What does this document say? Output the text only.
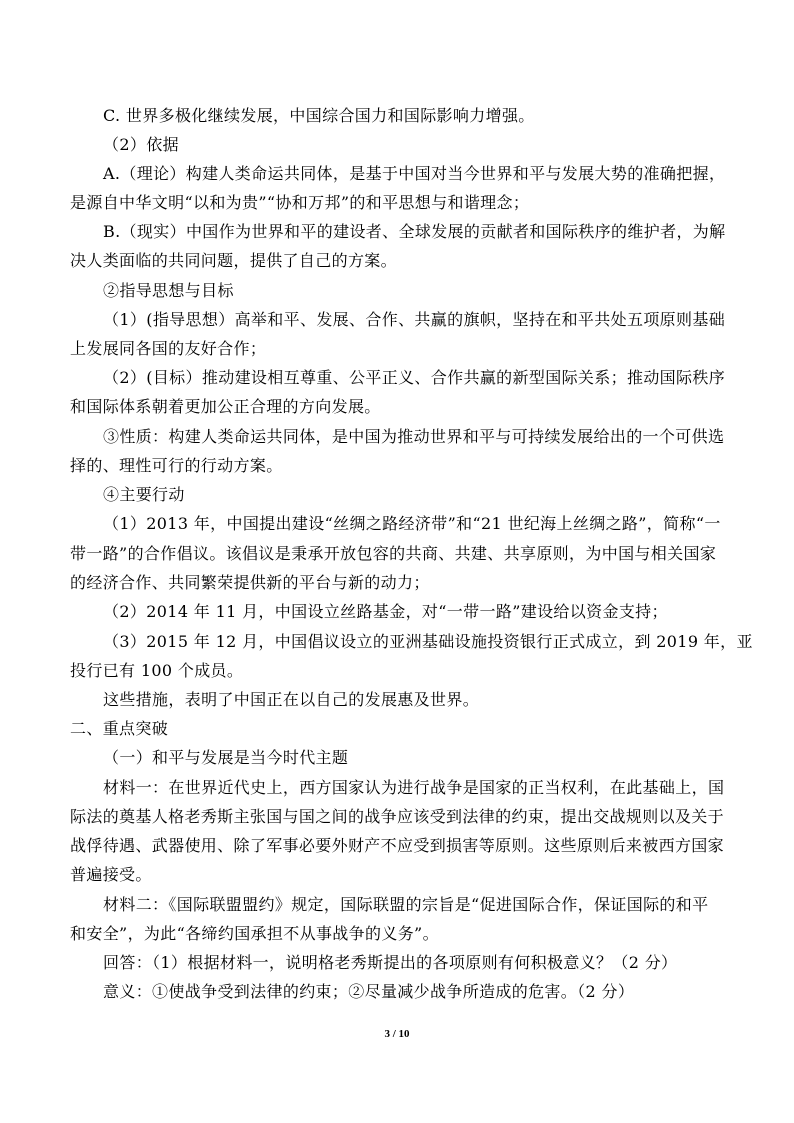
C. 世界多极化继续发展，中国综合国力和国际影响力增强。
（2）依据
A.（理论）构建人类命运共同体，是基于中国对当今世界和平与发展大势的准确把握，
是源自中华文明“以和为贵”“协和万邦”的和平思想与和谐理念；
B.（现实）中国作为世界和平的建设者、全球发展的贡献者和国际秩序的维护者，为解
决人类面临的共同问题，提供了自己的方案。
②指导思想与目标
（1）(指导思想）高举和平、发展、合作、共赢的旗帜，坚持在和平共处五项原则基础
上发展同各国的友好合作；
（2）(目标）推动建设相互尊重、公平正义、合作共赢的新型国际关系；推动国际秩序
和国际体系朝着更加公正合理的方向发展。
③性质：构建人类命运共同体，是中国为推动世界和平与可持续发展给出的一个可供选
择的、理性可行的行动方案。
④主要行动
（1）2013 年，中国提出建设“丝绸之路经济带”和“21 世纪海上丝绸之路”，简称“一
带一路”的合作倡议。该倡议是秉承开放包容的共商、共建、共享原则，为中国与相关国家
的经济合作、共同繁荣提供新的平台与新的动力；
（2）2014 年 11 月，中国设立丝路基金，对“一带一路”建设给以资金支持；
（3）2015 年 12 月，中国倡议设立的亚洲基础设施投资银行正式成立，到 2019 年，亚
投行已有 100 个成员。
这些措施，表明了中国正在以自己的发展惠及世界。
二、重点突破
（一）和平与发展是当今时代主题
材料一：在世界近代史上，西方国家认为进行战争是国家的正当权利，在此基础上，国
际法的奠基人格老秀斯主张国与国之间的战争应该受到法律的约束，提出交战规则以及关于
战俘待遇、武器使用、除了军事必要外财产不应受到损害等原则。这些原则后来被西方国家
普遍接受。
材料二：《国际联盟盟约》规定，国际联盟的宗旨是“促进国际合作，保证国际的和平
和安全”，为此“各缔约国承担不从事战争的义务”。
回答：（1）根据材料一，说明格老秀斯提出的各项原则有何积极意义？（2 分）
意义：①使战争受到法律的约束；②尽量减少战争所造成的危害。（2 分）
3 / 10
